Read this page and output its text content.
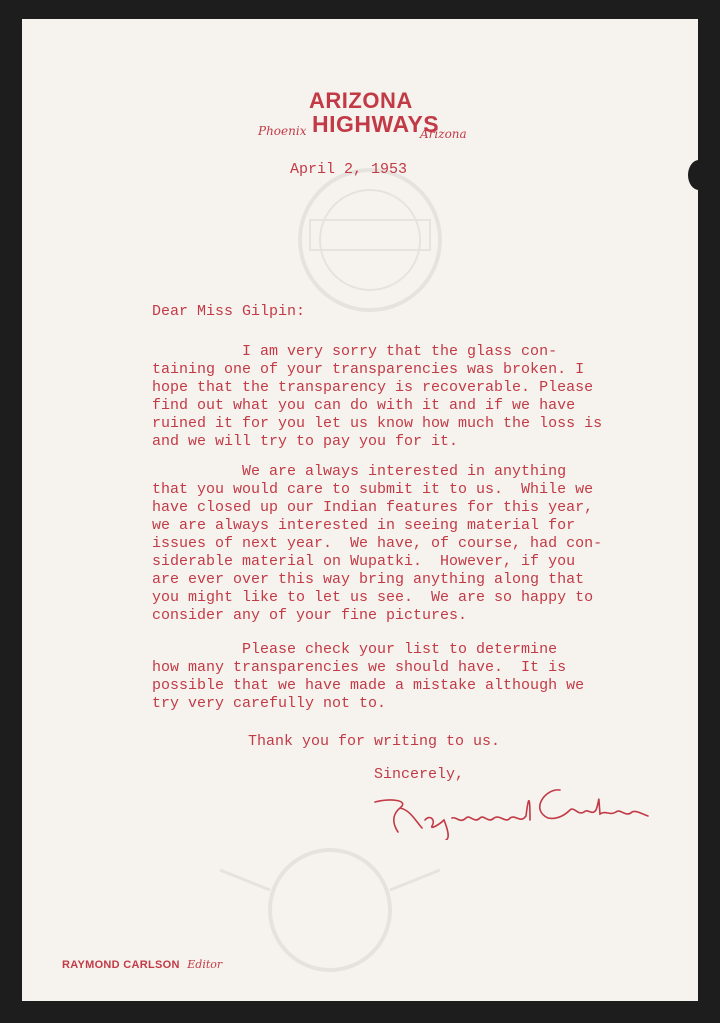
ARIZONA
Phoenix HIGHWAYS
Arizona
April 2, 1953
Dear Miss Gilpin:
I am very sorry that the glass con-
taining one of your transparencies was broken. I
hope that the transparency is recoverable. Please
find out what you can do with it and if we have
ruined it for you let us know how much the loss is
and we will try to pay you for it.
We are always interested in anything
that you would care to submit it to us.  While we
have closed up our Indian features for this year,
we are always interested in seeing material for
issues of next year.  We have, of course, had con-
siderable material on Wupatki.  However, if you
are ever over this way bring anything along that
you might like to let us see.  We are so happy to
consider any of your fine pictures.
Please check your list to determine
how many transparencies we should have.  It is
possible that we have made a mistake although we
try very carefully not to.
Thank you for writing to us.
Sincerely,
RAYMOND CARLSON Editor
